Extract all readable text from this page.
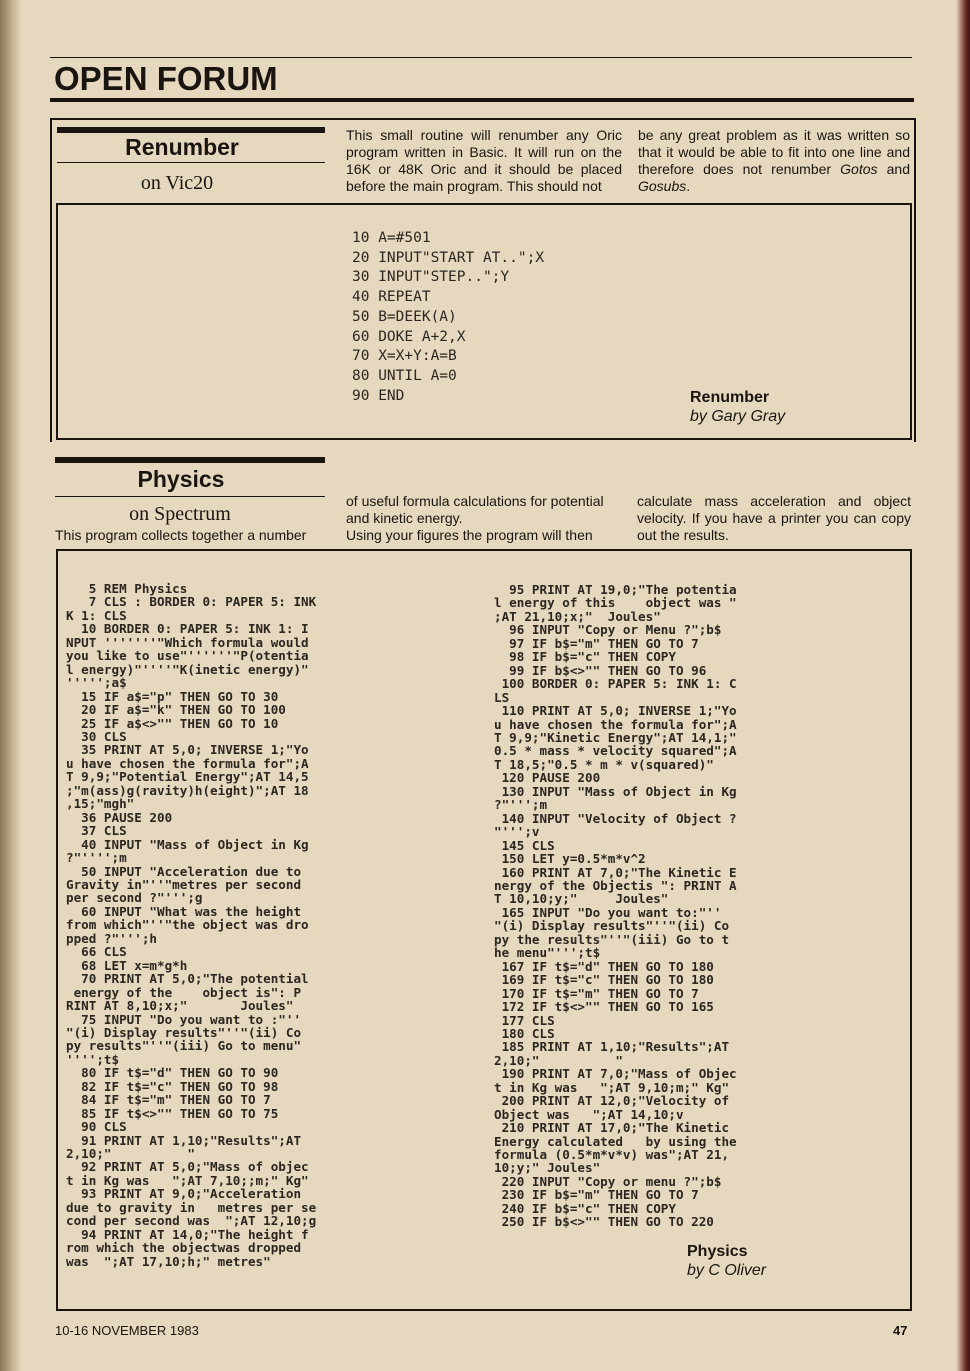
OPEN FORUM
Renumber
on Vic20

This small routine will renumber any Oric program written in Basic. It will run on the 16K or 48K Oric and it should be placed before the main program. This should not

be any great problem as it was written so that it would be able to fit into one line and therefore does not renumber Gotos and Gosubs.

10 A=#501
20 INPUT"START AT..";X
30 INPUT"STEP..";Y
40 REPEAT
50 B=DEEK(A)
60 DOKE A+2,X
70 X=X+Y:A=B
80 UNTIL A=0
90 END	Renumber
by Gary Gray
Physics
on Spectrum

This program collects together a number

of useful formula calculations for potential and kinetic energy.
Using your figures the program will then

calculate mass acceleration and object velocity. If you have a printer you can copy out the results.

5 REM Physics
7 CLS : BORDER 0: PAPER 5: INK
K 1: CLS
10 BORDER 0: PAPER 5: INK 1: I
NPUT '''''''"Which formula would
you like to use"''''''"P(otentia
l energy)"''''"K(inetic energy)"
''''';a$
15 IF a$="p" THEN GO TO 30
20 IF a$="k" THEN GO TO 100
25 IF a$<>"" THEN GO TO 10
30 CLS
35 PRINT AT 5,0; INVERSE 1;"Yo
u have chosen the formula for";A
T 9,9;"Potential Energy";AT 14,5
;"m(ass)g(ravity)h(eight)";AT 18
,15;"mgh"
36 PAUSE 200
37 CLS
40 INPUT "Mass of Object in Kg
?"'''';m
50 INPUT "Acceleration due to
Gravity in"''"metres per second
per second ?"''';g
60 INPUT "What was the height
from which"''"the object was dro
pped ?"''';h
66 CLS
68 LET x=m*g*h
70 PRINT AT 5,0;"The potential
energy of the    object is": P
RINT AT 8,10;x;"       Joules"
75 INPUT "Do you want to :"''
"(i) Display results"''"(ii) Co
py results"''"(iii) Go to menu"
'''';t$
80 IF t$="d" THEN GO TO 90
82 IF t$="c" THEN GO TO 98
84 IF t$="m" THEN GO TO 7
85 IF t$<>"" THEN GO TO 75
90 CLS
91 PRINT AT 1,10;"Results";AT
2,10;"          "
92 PRINT AT 5,0;"Mass of objec
t in Kg was   ";AT 7,10;;m;" Kg"
93 PRINT AT 9,0;"Acceleration
due to gravity in   metres per se
cond per second was  ";AT 12,10;g
94 PRINT AT 14,0;"The height f
rom which the objectwas dropped
was  ";AT 17,10;h;" metres"
95 PRINT AT 19,0;"The potentia
l energy of this    object was "
;AT 21,10;x;"  Joules"
96 INPUT "Copy or Menu ?";b$
97 IF b$="m" THEN GO TO 7
98 IF b$="c" THEN COPY
99 IF b$<>"" THEN GO TO 96
100 BORDER 0: PAPER 5: INK 1: C
LS
110 PRINT AT 5,0; INVERSE 1;"Yo
u have chosen the formula for";A
T 9,9;"Kinetic Energy";AT 14,1;"
0.5 * mass * velocity squared";A
T 18,5;"0.5 * m * v(squared)"
120 PAUSE 200
130 INPUT "Mass of Object in Kg
?"''';m
140 INPUT "Velocity of Object ?
"''';v
145 CLS
150 LET y=0.5*m*v^2
160 PRINT AT 7,0;"The Kinetic E
nergy of the Objectis ": PRINT A
T 10,10;y;"     Joules"
165 INPUT "Do you want to:"''
"(i) Display results"''"(ii) Co
py the results"''"(iii) Go to t
he menu"''';t$
167 IF t$="d" THEN GO TO 180
169 IF t$="c" THEN GO TO 180
170 IF t$="m" THEN GO TO 7
172 IF t$<>"" THEN GO TO 165
177 CLS
180 CLS
185 PRINT AT 1,10;"Results";AT
2,10;"          "
190 PRINT AT 7,0;"Mass of Objec
t in Kg was   ";AT 9,10;m;" Kg"
200 PRINT AT 12,0;"Velocity of
Object was   ";AT 14,10;v
210 PRINT AT 17,0;"The Kinetic
Energy calculated   by using the
formula (0.5*m*v*v) was";AT 21,
10;y;" Joules"
220 INPUT "Copy or menu ?";b$
230 IF b$="m" THEN GO TO 7
240 IF b$="c" THEN COPY
250 IF b$<>"" THEN GO TO 220
Physics
by C Oliver
10-16 NOVEMBER 1983	47
